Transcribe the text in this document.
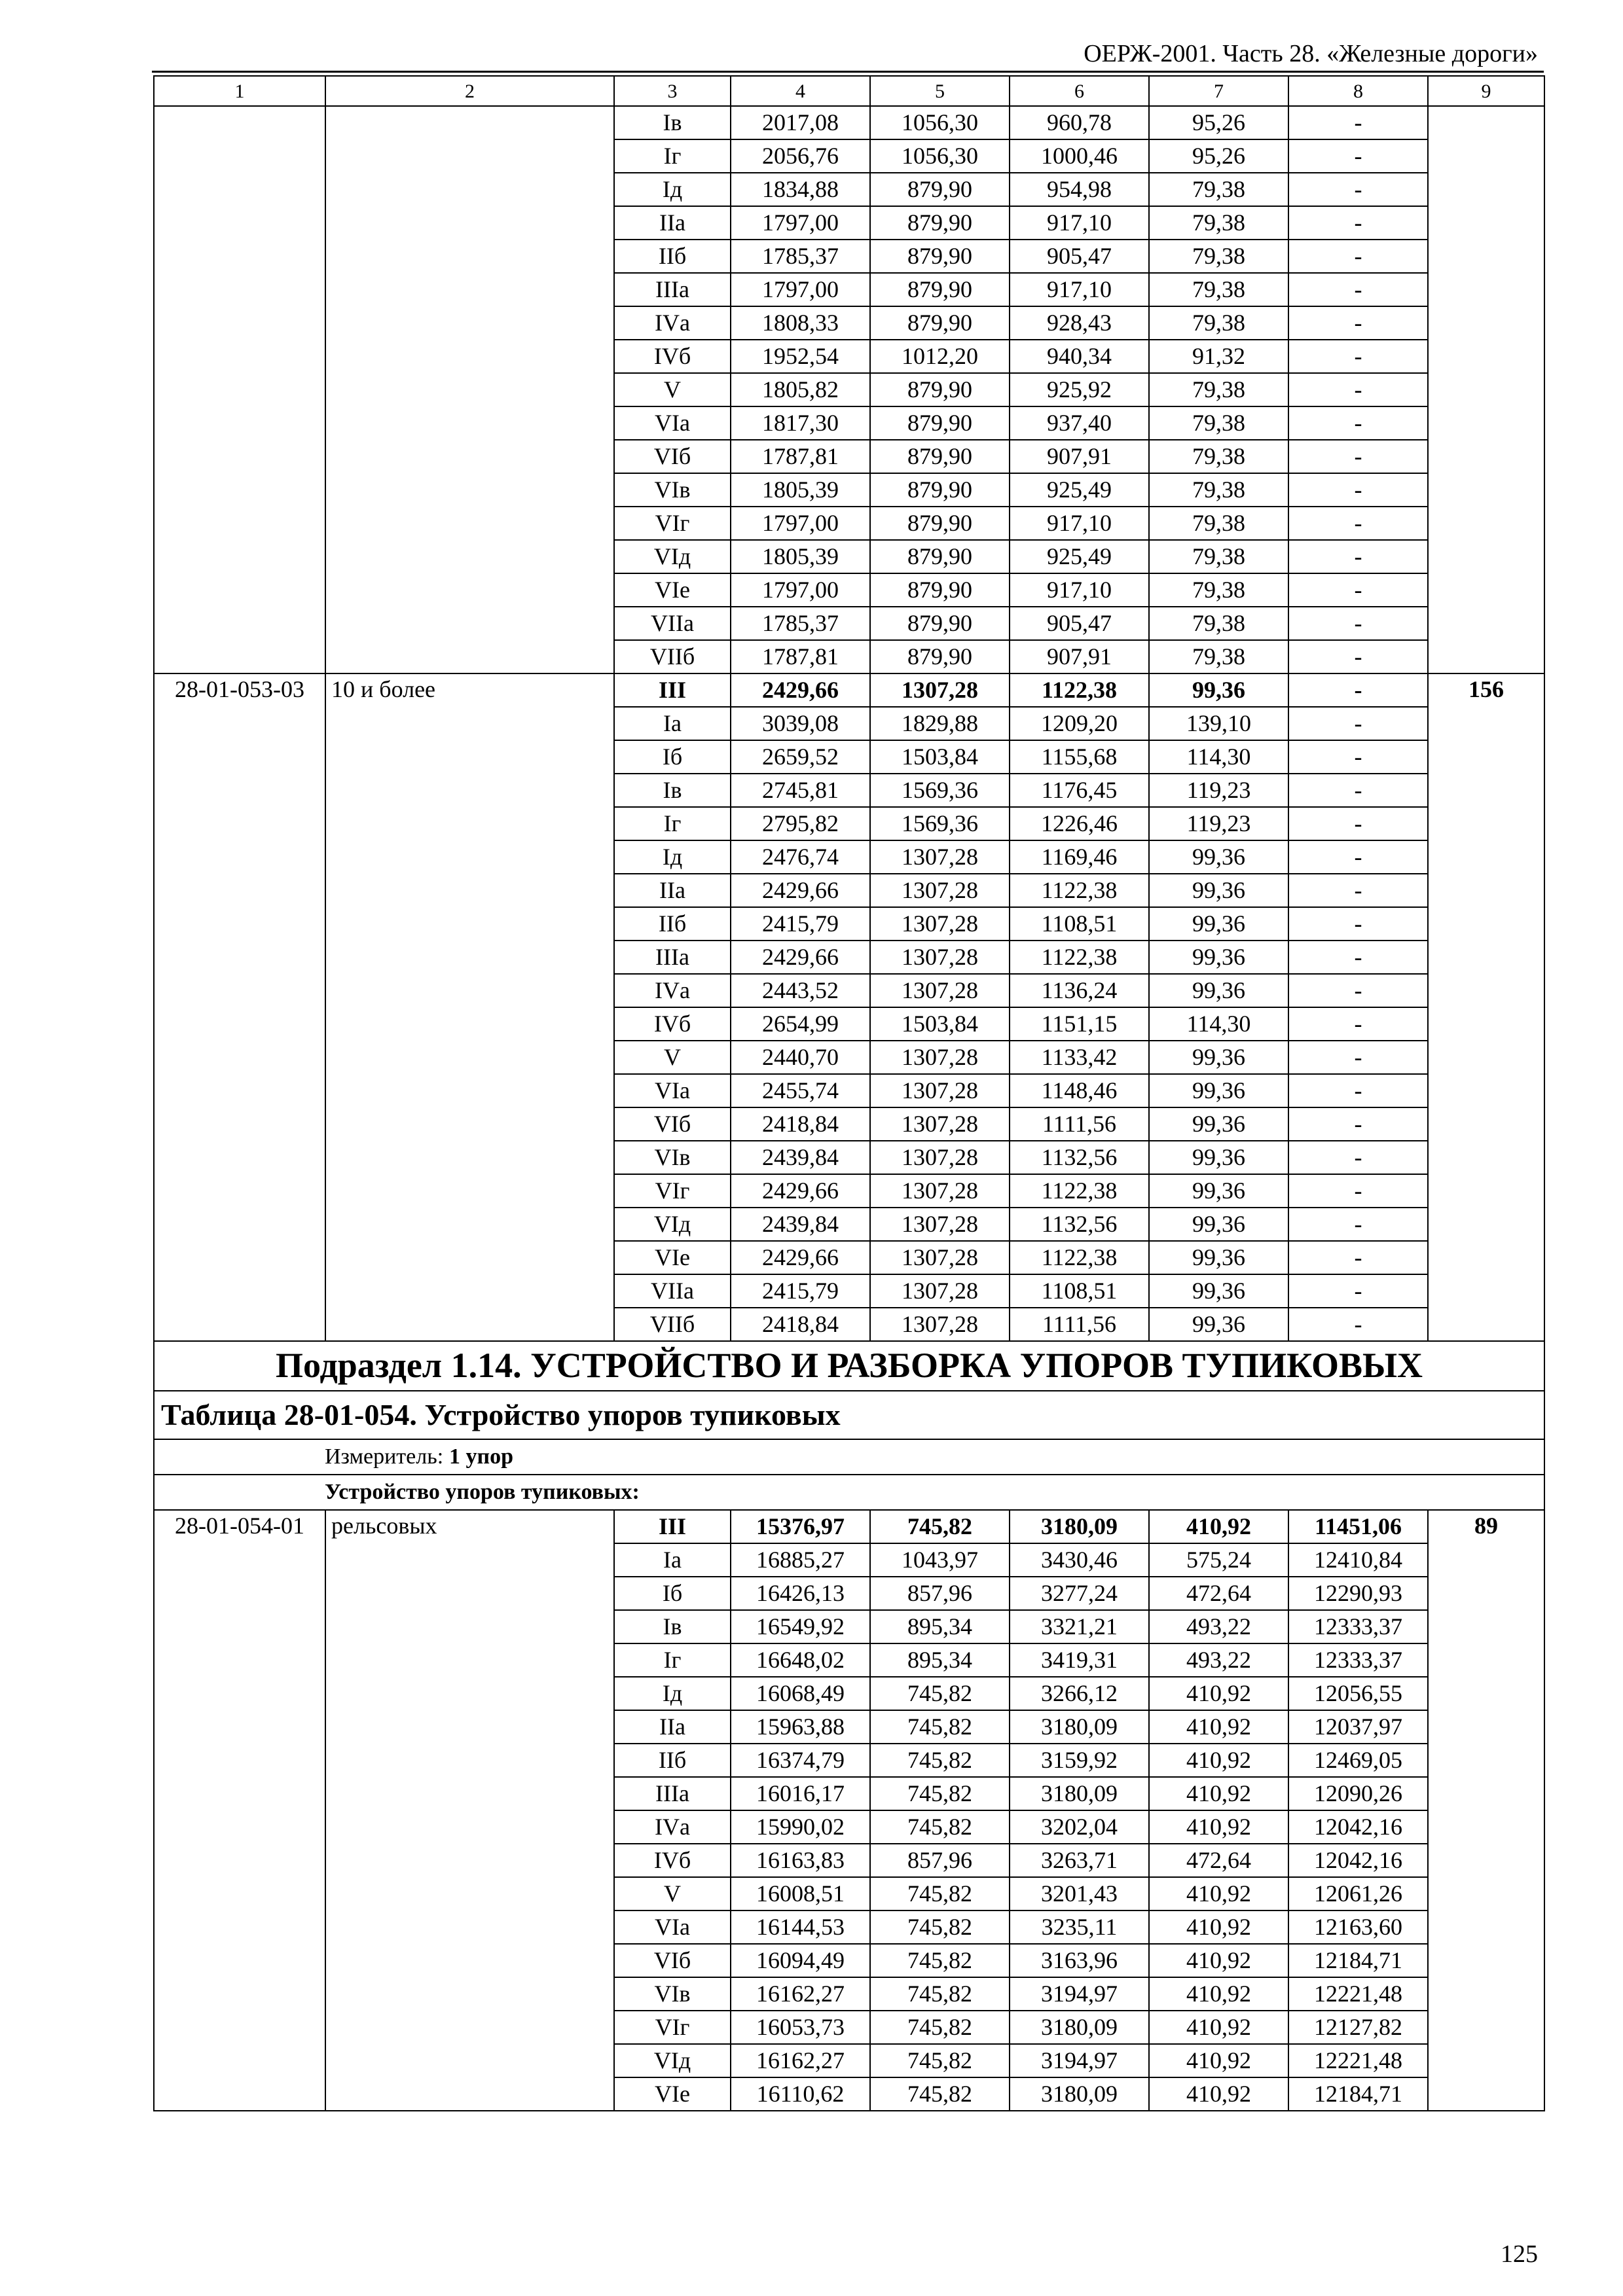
ОЕРЖ-2001. Часть 28. «Железные дороги»
1	2	3	4	5	6	7	8	9
		Iв	2017,08	1056,30	960,78	95,26	-	
		Iг	2056,76	1056,30	1000,46	95,26	-	
		Iд	1834,88	879,90	954,98	79,38	-	
		IIа	1797,00	879,90	917,10	79,38	-	
		IIб	1785,37	879,90	905,47	79,38	-	
		IIIа	1797,00	879,90	917,10	79,38	-	
		IVа	1808,33	879,90	928,43	79,38	-	
		IVб	1952,54	1012,20	940,34	91,32	-	
		V	1805,82	879,90	925,92	79,38	-	
		VIа	1817,30	879,90	937,40	79,38	-	
		VIб	1787,81	879,90	907,91	79,38	-	
		VIв	1805,39	879,90	925,49	79,38	-	
		VIг	1797,00	879,90	917,10	79,38	-	
		VIд	1805,39	879,90	925,49	79,38	-	
		VIе	1797,00	879,90	917,10	79,38	-	
		VIIа	1785,37	879,90	905,47	79,38	-	
		VIIб	1787,81	879,90	907,91	79,38	-	
28-01-053-03	10 и более	III	2429,66	1307,28	1122,38	99,36	-	156
		Iа	3039,08	1829,88	1209,20	139,10	-	
		Iб	2659,52	1503,84	1155,68	114,30	-	
		Iв	2745,81	1569,36	1176,45	119,23	-	
		Iг	2795,82	1569,36	1226,46	119,23	-	
		Iд	2476,74	1307,28	1169,46	99,36	-	
		IIа	2429,66	1307,28	1122,38	99,36	-	
		IIб	2415,79	1307,28	1108,51	99,36	-	
		IIIа	2429,66	1307,28	1122,38	99,36	-	
		IVа	2443,52	1307,28	1136,24	99,36	-	
		IVб	2654,99	1503,84	1151,15	114,30	-	
		V	2440,70	1307,28	1133,42	99,36	-	
		VIа	2455,74	1307,28	1148,46	99,36	-	
		VIб	2418,84	1307,28	1111,56	99,36	-	
		VIв	2439,84	1307,28	1132,56	99,36	-	
		VIг	2429,66	1307,28	1122,38	99,36	-	
		VIд	2439,84	1307,28	1132,56	99,36	-	
		VIе	2429,66	1307,28	1122,38	99,36	-	
		VIIа	2415,79	1307,28	1108,51	99,36	-	
		VIIб	2418,84	1307,28	1111,56	99,36	-	
Подраздел 1.14. УСТРОЙСТВО И РАЗБОРКА УПОРОВ ТУПИКОВЫХ								
Таблица 28-01-054. Устройство упоров тупиковых								
Измеритель: 1 упор								
Устройство упоров тупиковых:								
28-01-054-01	рельсовых	III	15376,97	745,82	3180,09	410,92	11451,06	89
		Iа	16885,27	1043,97	3430,46	575,24	12410,84	
		Iб	16426,13	857,96	3277,24	472,64	12290,93	
		Iв	16549,92	895,34	3321,21	493,22	12333,37	
		Iг	16648,02	895,34	3419,31	493,22	12333,37	
		Iд	16068,49	745,82	3266,12	410,92	12056,55	
		IIа	15963,88	745,82	3180,09	410,92	12037,97	
		IIб	16374,79	745,82	3159,92	410,92	12469,05	
		IIIа	16016,17	745,82	3180,09	410,92	12090,26	
		IVа	15990,02	745,82	3202,04	410,92	12042,16	
		IVб	16163,83	857,96	3263,71	472,64	12042,16	
		V	16008,51	745,82	3201,43	410,92	12061,26	
		VIа	16144,53	745,82	3235,11	410,92	12163,60	
		VIб	16094,49	745,82	3163,96	410,92	12184,71	
		VIв	16162,27	745,82	3194,97	410,92	12221,48	
		VIг	16053,73	745,82	3180,09	410,92	12127,82	
		VIд	16162,27	745,82	3194,97	410,92	12221,48	
		VIе	16110,62	745,82	3180,09	410,92	12184,71	
125
